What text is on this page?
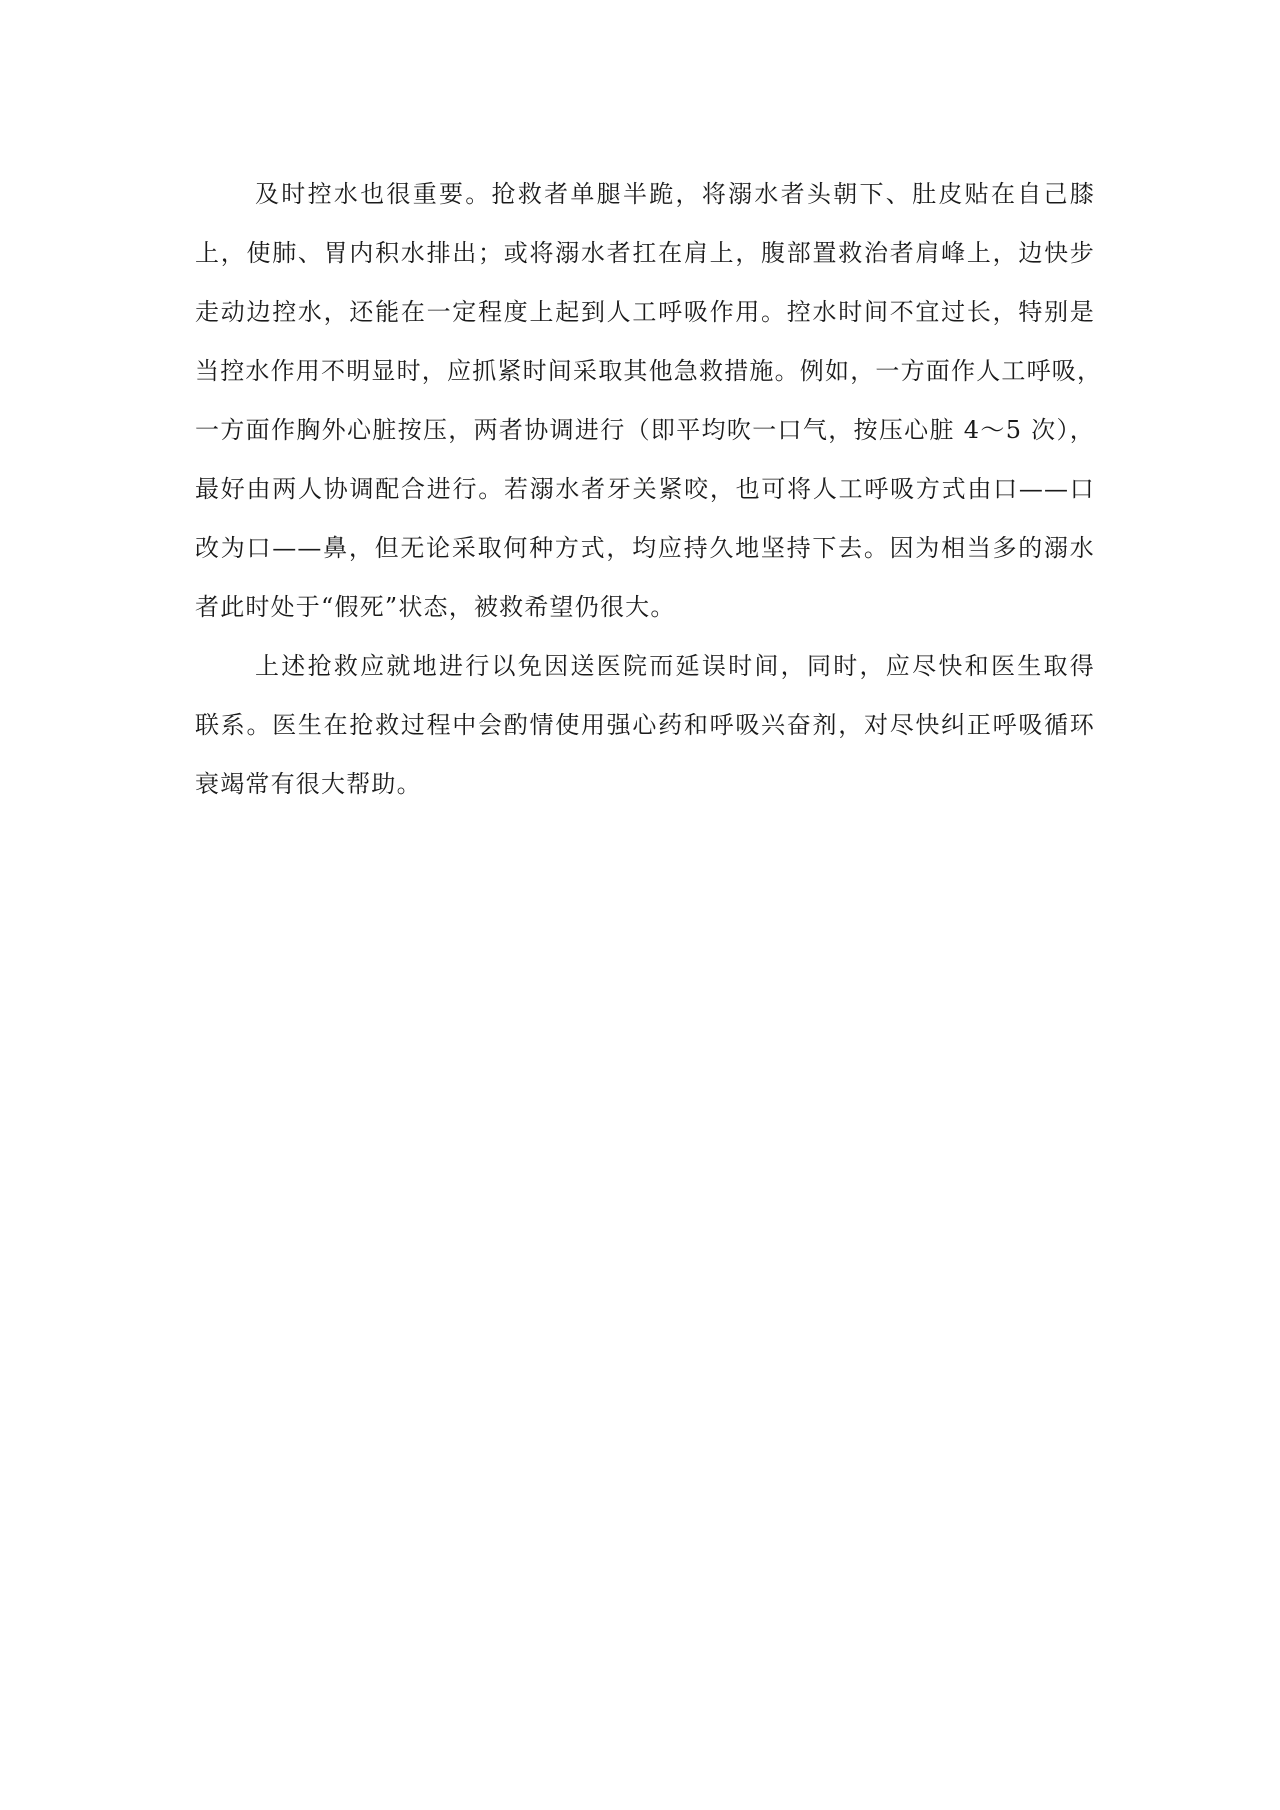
及时控水也很重要。抢救者单腿半跪，将溺水者头朝下、肚皮贴在自己膝
上，使肺、胃内积水排出；或将溺水者扛在肩上，腹部置救治者肩峰上，边快步
走动边控水，还能在一定程度上起到人工呼吸作用。控水时间不宜过长，特别是
当控水作用不明显时，应抓紧时间采取其他急救措施。例如，一方面作人工呼吸，
一方面作胸外心脏按压，两者协调进行（即平均吹一口气，按压心脏 4～5 次），
最好由两人协调配合进行。若溺水者牙关紧咬，也可将人工呼吸方式由口——口
改为口——鼻，但无论采取何种方式，均应持久地坚持下去。因为相当多的溺水
者此时处于“假死”状态，被救希望仍很大。
上述抢救应就地进行以免因送医院而延误时间，同时，应尽快和医生取得
联系。医生在抢救过程中会酌情使用强心药和呼吸兴奋剂，对尽快纠正呼吸循环
衰竭常有很大帮助。
